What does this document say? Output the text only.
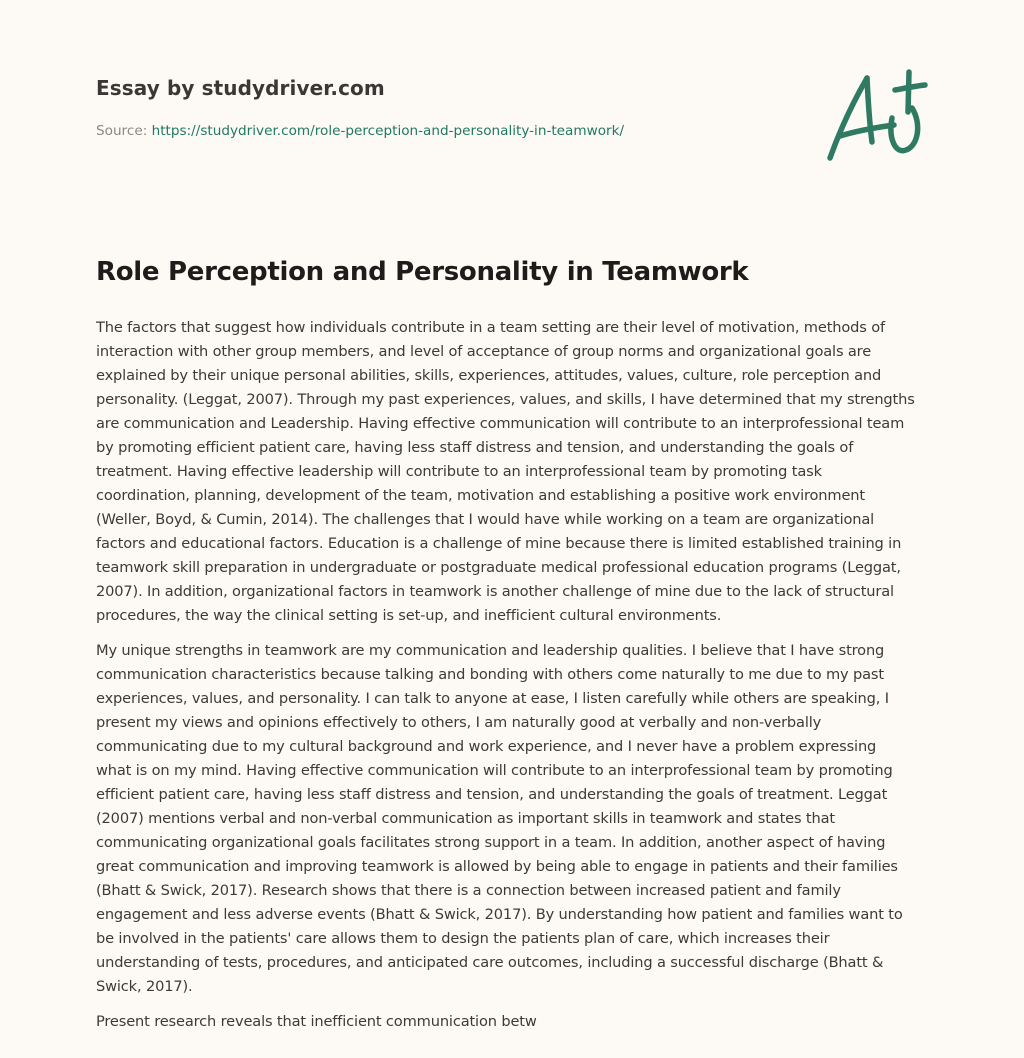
Essay by studydriver.com
Source: https://studydriver.com/role-perception-and-personality-in-teamwork/
Role Perception and Personality in Teamwork

The factors that suggest how individuals contribute in a team setting are their level of motivation, methods of
interaction with other group members, and level of acceptance of group norms and organizational goals are
explained by their unique personal abilities, skills, experiences, attitudes, values, culture, role perception and
personality. (Leggat, 2007). Through my past experiences, values, and skills, I have determined that my strengths
are communication and Leadership. Having effective communication will contribute to an interprofessional team
by promoting efficient patient care, having less staff distress and tension, and understanding the goals of
treatment. Having effective leadership will contribute to an interprofessional team by promoting task
coordination, planning, development of the team, motivation and establishing a positive work environment
(Weller, Boyd, & Cumin, 2014). The challenges that I would have while working on a team are organizational
factors and educational factors. Education is a challenge of mine because there is limited established training in
teamwork skill preparation in undergraduate or postgraduate medical professional education programs (Leggat,
2007). In addition, organizational factors in teamwork is another challenge of mine due to the lack of structural
procedures, the way the clinical setting is set-up, and inefficient cultural environments.

My unique strengths in teamwork are my communication and leadership qualities. I believe that I have strong
communication characteristics because talking and bonding with others come naturally to me due to my past
experiences, values, and personality. I can talk to anyone at ease, I listen carefully while others are speaking, I
present my views and opinions effectively to others, I am naturally good at verbally and non-verbally
communicating due to my cultural background and work experience, and I never have a problem expressing
what is on my mind. Having effective communication will contribute to an interprofessional team by promoting
efficient patient care, having less staff distress and tension, and understanding the goals of treatment. Leggat
(2007) mentions verbal and non-verbal communication as important skills in teamwork and states that
communicating organizational goals facilitates strong support in a team. In addition, another aspect of having
great communication and improving teamwork is allowed by being able to engage in patients and their families
(Bhatt & Swick, 2017). Research shows that there is a connection between increased patient and family
engagement and less adverse events (Bhatt & Swick, 2017). By understanding how patient and families want to
be involved in the patients' care allows them to design the patients plan of care, which increases their
understanding of tests, procedures, and anticipated care outcomes, including a successful discharge (Bhatt &
Swick, 2017).

Present research reveals that inefficient communication betw
